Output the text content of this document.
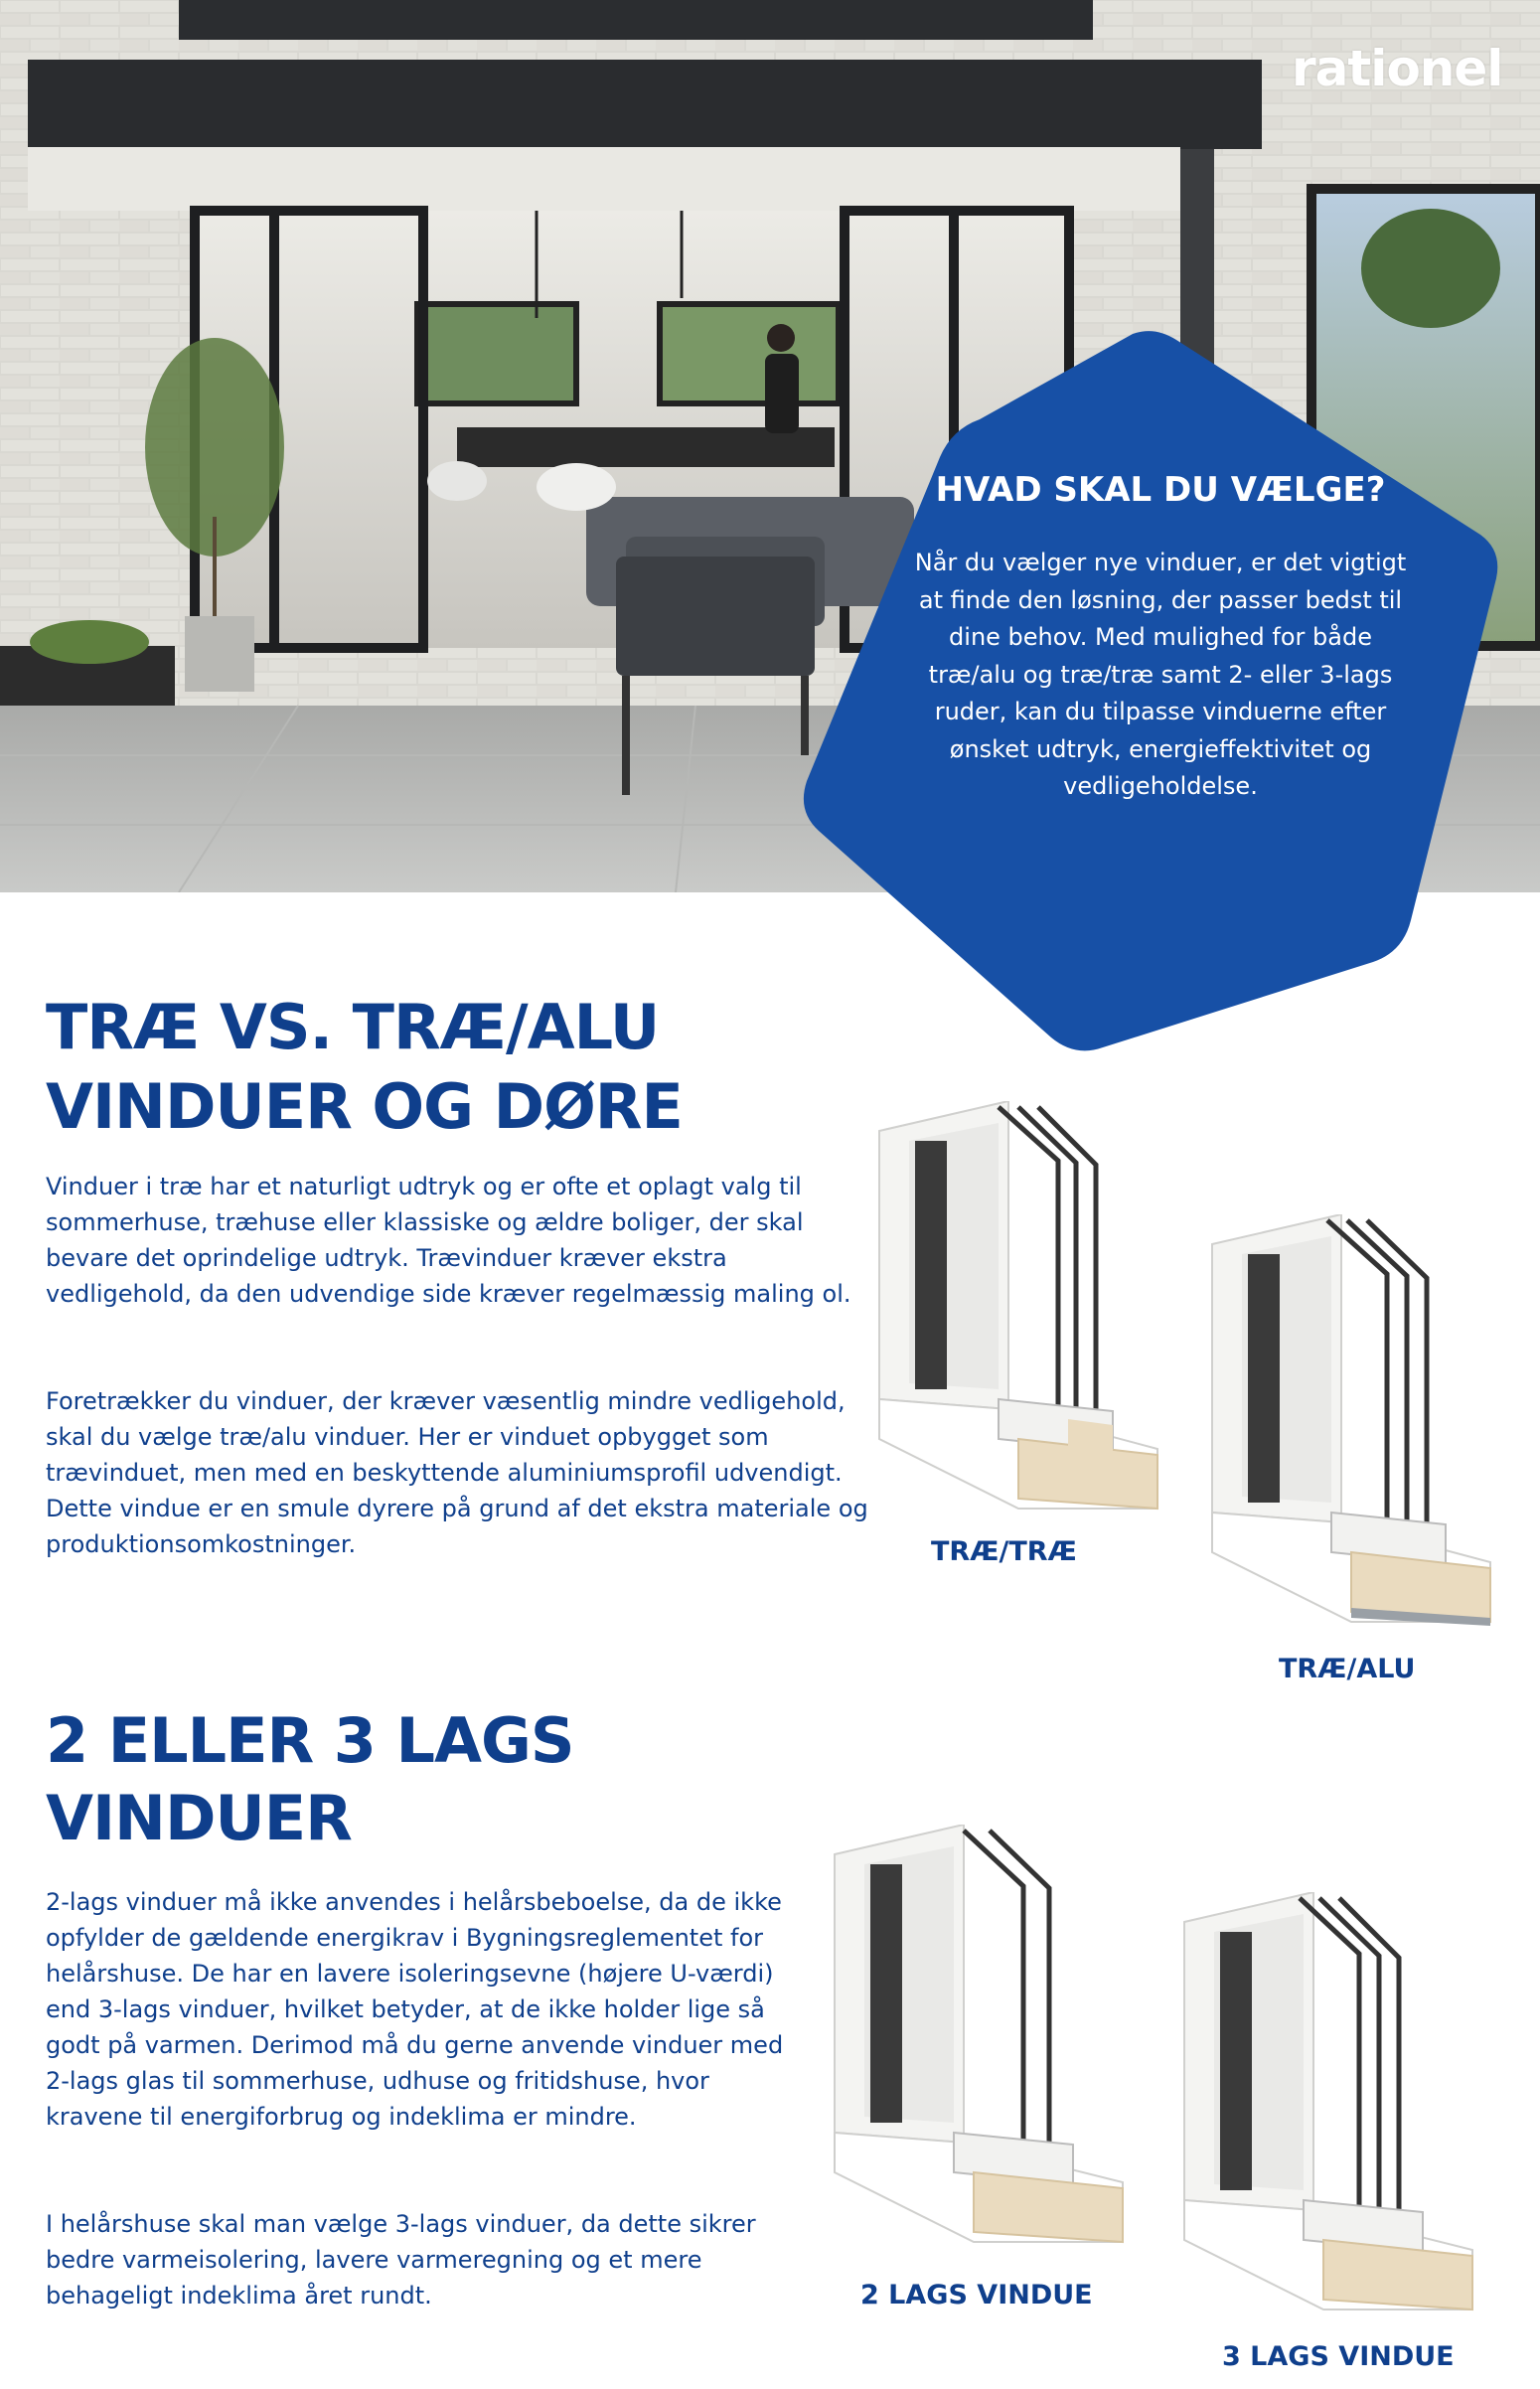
rationel

HVAD SKAL DU VÆLGE?

Når du vælger nye vinduer, er det vigtigt at finde den løsning, der passer bedst til dine behov. Med mulighed for både træ/alu og træ/træ samt 2- eller 3-lags ruder, kan du tilpasse vinduerne efter ønsket udtryk, energieffektivitet og vedligeholdelse.

TRÆ VS. TRÆ/ALU
VINDUER OG DØRE

Vinduer i træ har et naturligt udtryk og er ofte et oplagt valg til sommerhuse, træhuse eller klassiske og ældre boliger, der skal bevare det oprindelige udtryk. Trævinduer kræver ekstra vedligehold, da den udvendige side kræver regelmæssig maling ol.

Foretrækker du vinduer, der kræver væsentlig mindre vedligehold, skal du vælge træ/alu vinduer. Her er vinduet opbygget som trævinduet, men med en beskyttende aluminiumsprofil udvendigt. Dette vindue er en smule dyrere på grund af det ekstra materiale og produktionsomkostninger.	TRÆ/TRÆ

TRÆ/ALU

2 ELLER 3 LAGS
VINDUER

2-lags vinduer må ikke anvendes i helårsbeboelse, da de ikke opfylder de gældende energikrav i Bygningsreglementet for helårshuse. De har en lavere isoleringsevne (højere U-værdi) end 3-lags vinduer, hvilket betyder, at de ikke holder lige så godt på varmen. Derimod må du gerne anvende vinduer med 2-lags glas til sommerhuse, udhuse og fritidshuse, hvor kravene til energiforbrug og indeklima er mindre.

I helårshuse skal man vælge 3-lags vinduer, da dette sikrer bedre varmeisolering, lavere varmeregning og et mere behageligt indeklima året rundt.	2 LAGS VINDUE

3 LAGS VINDUE
